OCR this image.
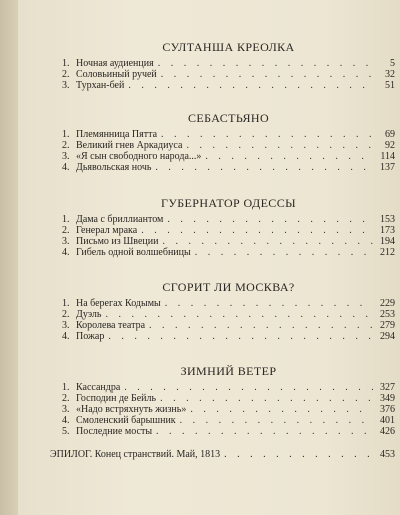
СУЛТАНША КРЕОЛКА
1. Ночная аудиенция . . .	5
2. Соловьиный ручей . . .	32
3. Турхан-бей . . .	51
СЕБАСТЬЯНО
1. Племянница Пятта . . .	69
2. Великий гнев Аркадиуса . . .	92
3. «Я сын свободного народа...» . . .	114
4. Дьявольская ночь . . .	137
ГУБЕРНАТОР ОДЕССЫ
1. Дама с бриллиантом . . .	153
2. Генерал мрака . . .	173
3. Письмо из Швеции . . .	194
4. Гибель одной волшебницы . . .	212
СГОРИТ ЛИ МОСКВА?
1. На берегах Кодымы . . .	229
2. Дуэль . . .	253
3. Королева театра . . .	279
4. Пожар . . .	294
ЗИМНИЙ ВЕТЕР
1. Кассандра . . .	327
2. Господин де Бейль . . .	349
3. «Надо встряхнуть жизнь» . . .	376
4. Смоленский барышник . . .	401
5. Последние мосты . . .	426
ЭПИЛОГ. Конец странствий. Май, 1813 . . .	453
